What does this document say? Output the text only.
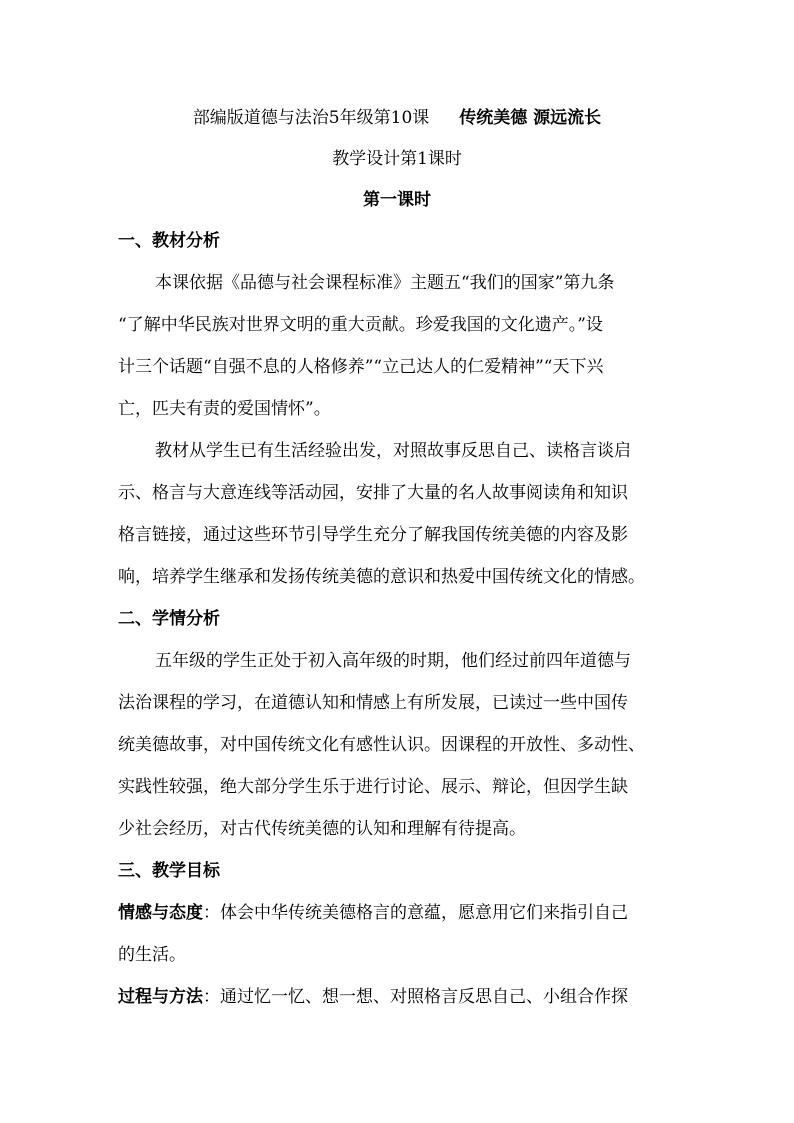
部编版道德与法治5年级第10课 传统美德 源远流长
教学设计第1课时
第一课时
一、教材分析
本课依据《品德与社会课程标准》主题五“我们的国家”第九条
“了解中华民族对世界文明的重大贡献。珍爱我国的文化遗产。”设
计三个话题“自强不息的人格修养”“立己达人的仁爱精神”“天下兴
亡，匹夫有责的爱国情怀”。
教材从学生已有生活经验出发，对照故事反思自己、读格言谈启
示、格言与大意连线等活动园，安排了大量的名人故事阅读角和知识
格言链接，通过这些环节引导学生充分了解我国传统美德的内容及影
响，培养学生继承和发扬传统美德的意识和热爱中国传统文化的情感。
二、学情分析
五年级的学生正处于初入高年级的时期，他们经过前四年道德与
法治课程的学习，在道德认知和情感上有所发展，已读过一些中国传
统美德故事，对中国传统文化有感性认识。因课程的开放性、多动性、
实践性较强，绝大部分学生乐于进行讨论、展示、辩论，但因学生缺
少社会经历，对古代传统美德的认知和理解有待提高。
三、教学目标
情感与态度：体会中华传统美德格言的意蕴，愿意用它们来指引自己
的生活。
过程与方法：通过忆一忆、想一想、对照格言反思自己、小组合作探
